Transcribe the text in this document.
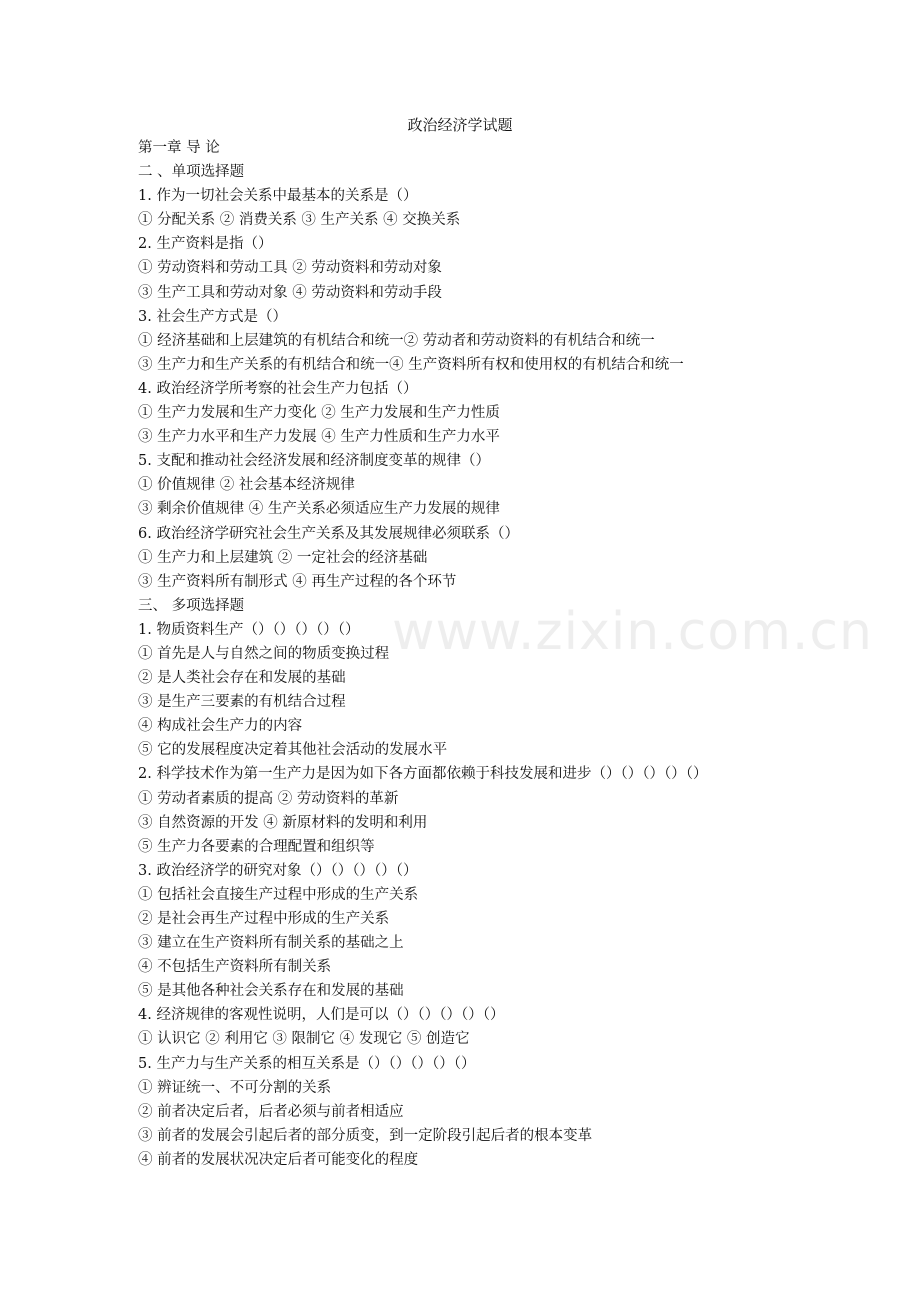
www.zixin.com.cn
政治经济学试题
第一章 导 论
二 、单项选择题
1. 作为一切社会关系中最基本的关系是（）
① 分配关系 ② 消费关系 ③ 生产关系 ④ 交换关系
2. 生产资料是指（）
① 劳动资料和劳动工具 ② 劳动资料和劳动对象
③ 生产工具和劳动对象 ④ 劳动资料和劳动手段
3. 社会生产方式是（）
① 经济基础和上层建筑的有机结合和统一② 劳动者和劳动资料的有机结合和统一
③ 生产力和生产关系的有机结合和统一④ 生产资料所有权和使用权的有机结合和统一
4. 政治经济学所考察的社会生产力包括（）
① 生产力发展和生产力变化 ② 生产力发展和生产力性质
③ 生产力水平和生产力发展 ④ 生产力性质和生产力水平
5. 支配和推动社会经济发展和经济制度变革的规律（）
① 价值规律 ② 社会基本经济规律
③ 剩余价值规律 ④ 生产关系必须适应生产力发展的规律
6. 政治经济学研究社会生产关系及其发展规律必须联系（）
① 生产力和上层建筑 ② 一定社会的经济基础
③ 生产资料所有制形式 ④ 再生产过程的各个环节
三、 多项选择题
1. 物质资料生产（）（）（）（）（）
① 首先是人与自然之间的物质变换过程
② 是人类社会存在和发展的基础
③ 是生产三要素的有机结合过程
④ 构成社会生产力的内容
⑤ 它的发展程度决定着其他社会活动的发展水平
2. 科学技术作为第一生产力是因为如下各方面都依赖于科技发展和进步（）（）（）（）（）
① 劳动者素质的提高 ② 劳动资料的革新
③ 自然资源的开发 ④ 新原材料的发明和利用
⑤ 生产力各要素的合理配置和组织等
3. 政治经济学的研究对象（）（）（）（）（）
① 包括社会直接生产过程中形成的生产关系
② 是社会再生产过程中形成的生产关系
③ 建立在生产资料所有制关系的基础之上
④ 不包括生产资料所有制关系
⑤ 是其他各种社会关系存在和发展的基础
4. 经济规律的客观性说明，人们是可以（）（）（）（）（）
① 认识它 ② 利用它 ③ 限制它 ④ 发现它 ⑤ 创造它
5. 生产力与生产关系的相互关系是（）（）（）（）（）
① 辨证统一、不可分割的关系
② 前者决定后者，后者必须与前者相适应
③ 前者的发展会引起后者的部分质变，到一定阶段引起后者的根本变革
④ 前者的发展状况决定后者可能变化的程度
